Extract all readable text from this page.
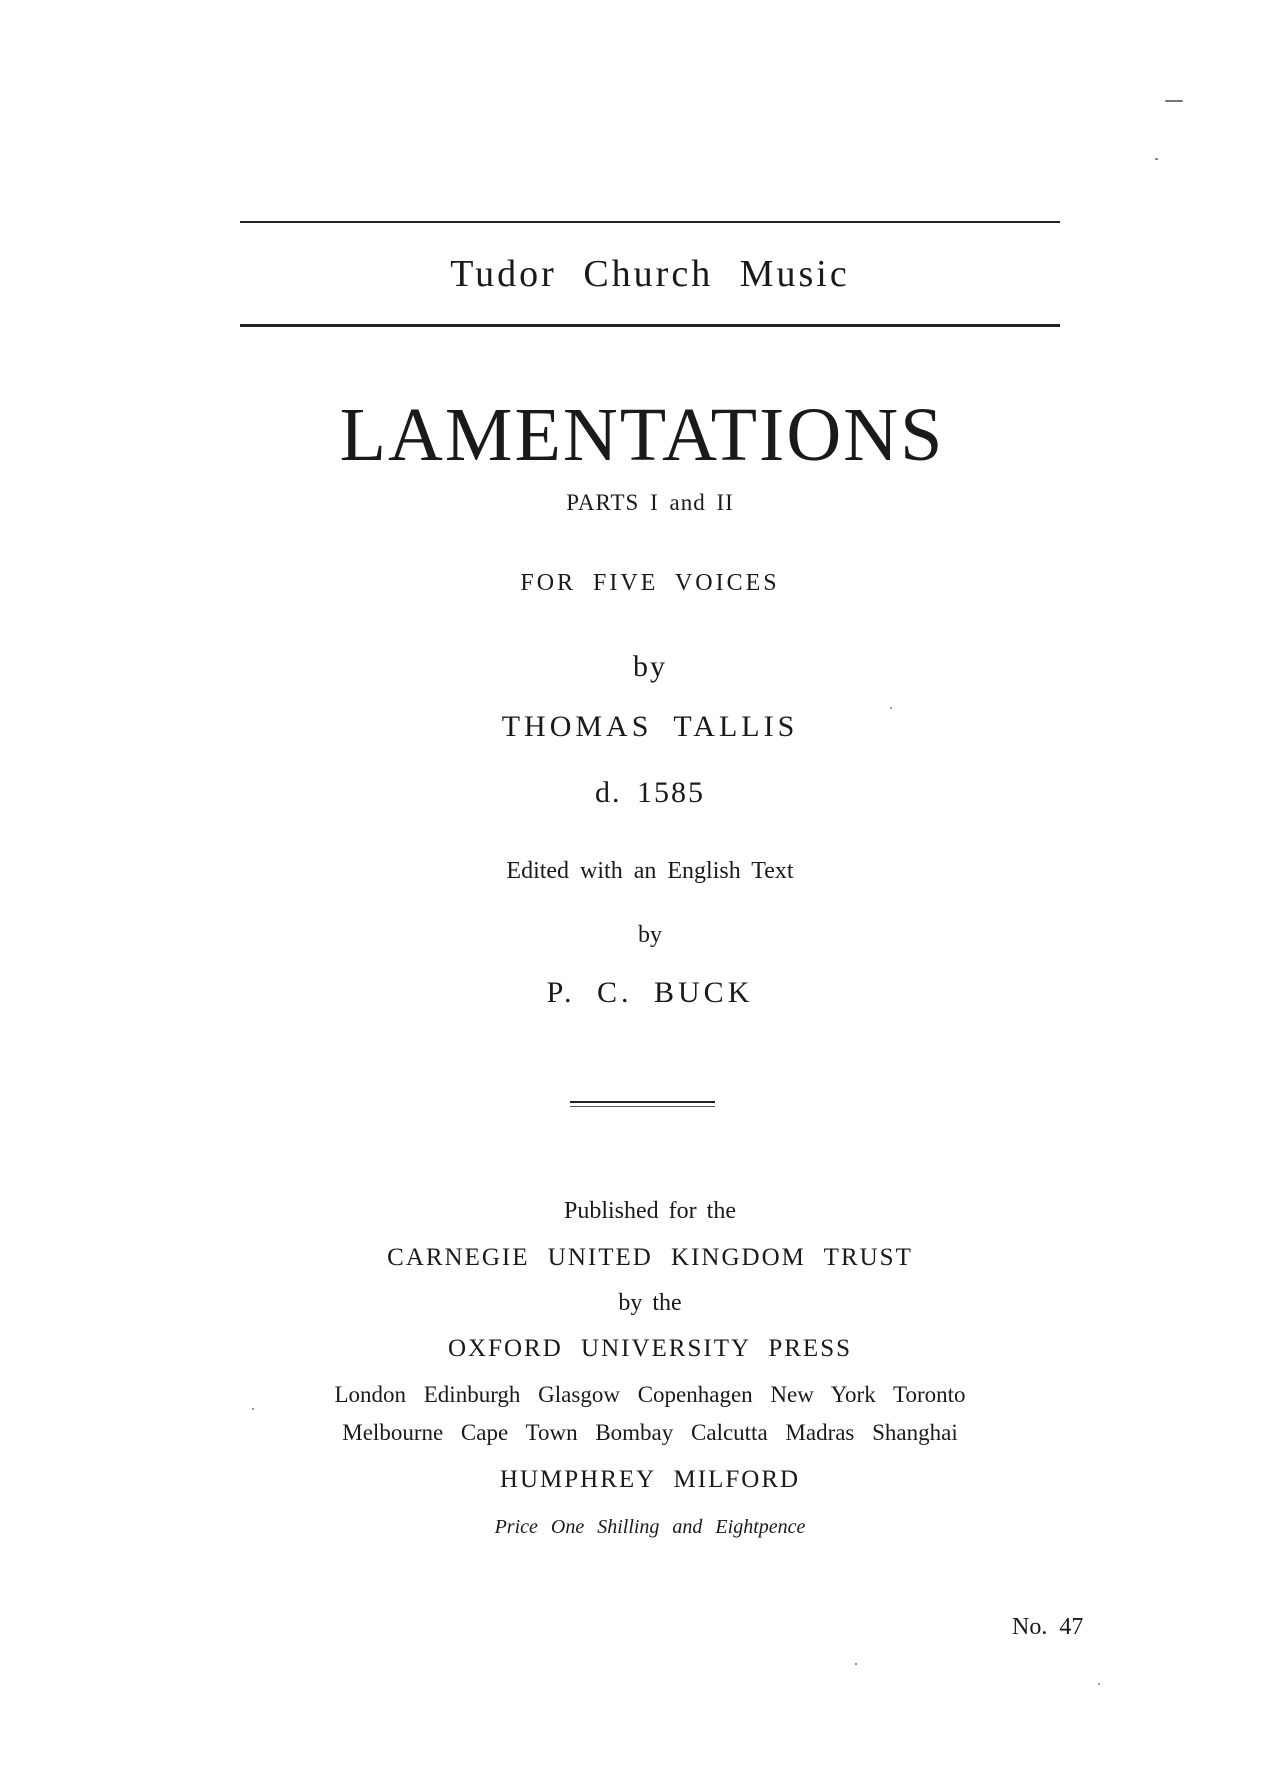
Tudor Church Music
LAMENTATIONS
PARTS I and II
FOR FIVE VOICES
by
THOMAS TALLIS
d. 1585
Edited with an English Text
by
P. C. BUCK
Published for the
CARNEGIE UNITED KINGDOM TRUST
by the
OXFORD UNIVERSITY PRESS
London Edinburgh Glasgow Copenhagen New York Toronto
Melbourne Cape Town Bombay Calcutta Madras Shanghai
HUMPHREY MILFORD
Price One Shilling and Eightpence
No. 47
